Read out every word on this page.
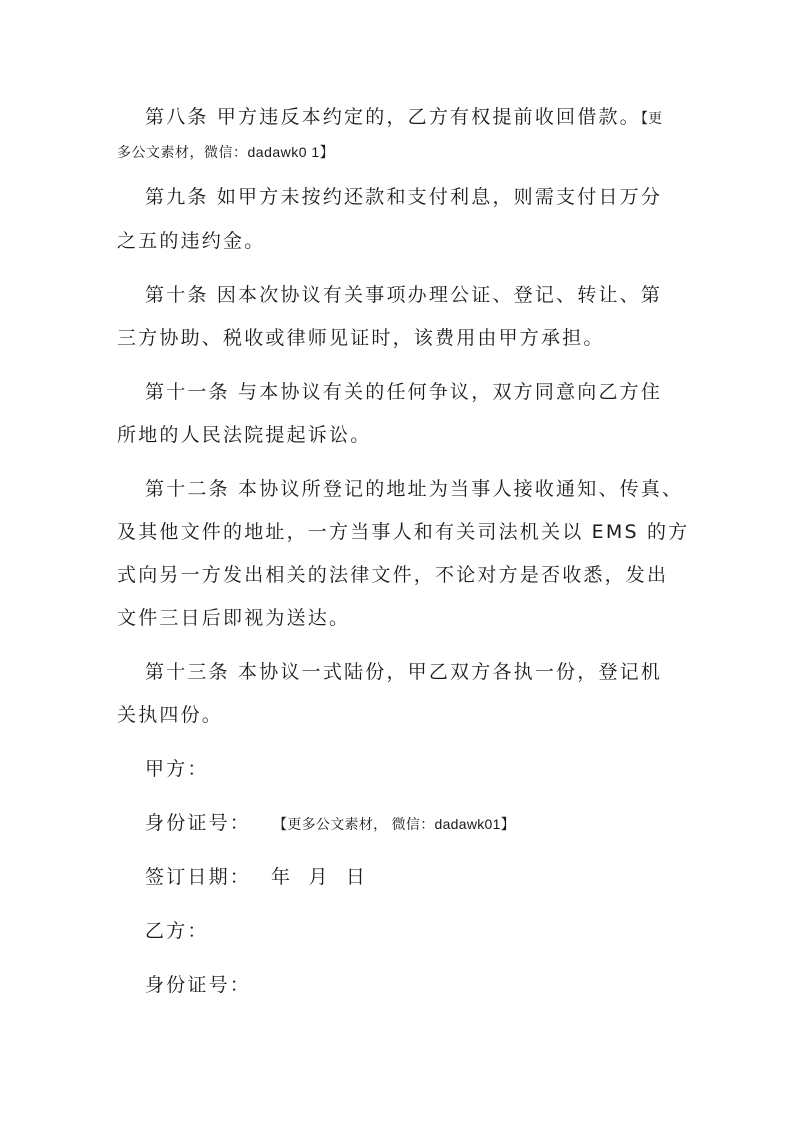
第八条 甲方违反本约定的，乙方有权提前收回借款。【更
多公文素材，微信：dadawk0 1】
第九条 如甲方未按约还款和支付利息，则需支付日万分
之五的违约金。
第十条 因本次协议有关事项办理公证、登记、转让、第
三方协助、税收或律师见证时，该费用由甲方承担。
第十一条 与本协议有关的任何争议，双方同意向乙方住
所地的人民法院提起诉讼。
第十二条 本协议所登记的地址为当事人接收通知、传真、
及其他文件的地址，一方当事人和有关司法机关以 EMS 的方
式向另一方发出相关的法律文件，不论对方是否收悉，发出
文件三日后即视为送达。
第十三条 本协议一式陆份，甲乙双方各执一份，登记机
关执四份。
甲方：
身份证号： 【更多公文素材， 微信：dadawk01】
签订日期： 年 月 日
乙方：
身份证号：
